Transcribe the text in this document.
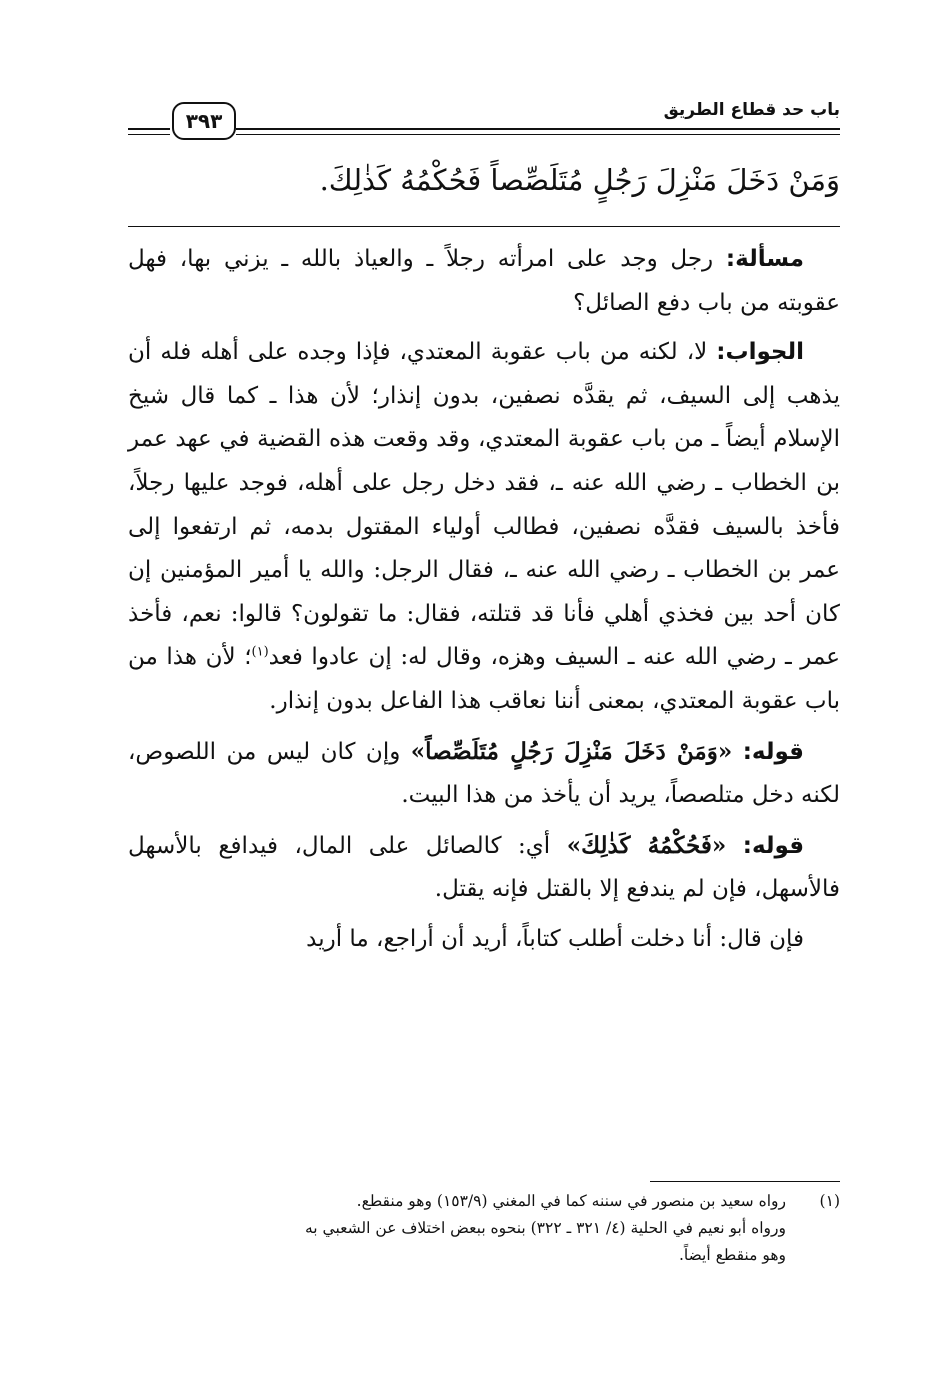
باب حد قطاع الطريق
٣٩٣
وَمَنْ دَخَلَ مَنْزِلَ رَجُلٍ مُتَلَصِّصاً فَحُكْمُهُ كَذٰلِكَ.

مسألة: رجل وجد على امرأته رجلاً ـ والعياذ بالله ـ يزني بها، فهل عقوبته من باب دفع الصائل؟

الجواب: لا، لكنه من باب عقوبة المعتدي، فإذا وجده على أهله فله أن يذهب إلى السيف، ثم يقدَّه نصفين، بدون إنذار؛ لأن هذا ـ كما قال شيخ الإسلام أيضاً ـ من باب عقوبة المعتدي، وقد وقعت هذه القضية في عهد عمر بن الخطاب ـ رضي الله عنه ـ، فقد دخل رجل على أهله، فوجد عليها رجلاً، فأخذ بالسيف فقدَّه نصفين، فطالب أولياء المقتول بدمه، ثم ارتفعوا إلى عمر بن الخطاب ـ رضي الله عنه ـ، فقال الرجل: والله يا أمير المؤمنين إن كان أحد بين فخذي أهلي فأنا قد قتلته، فقال: ما تقولون؟ قالوا: نعم، فأخذ عمر ـ رضي الله عنه ـ السيف وهزه، وقال له: إن عادوا فعد$^{(١)}$؛ لأن هذا من باب عقوبة المعتدي، بمعنى أننا نعاقب هذا الفاعل بدون إنذار.

قوله: «وَمَنْ دَخَلَ مَنْزِلَ رَجُلٍ مُتَلَصِّصاً» وإن كان ليس من اللصوص، لكنه دخل متلصصاً، يريد أن يأخذ من هذا البيت.

قوله: «فَحُكْمُهُ كَذٰلِكَ» أي: كالصائل على المال، فيدافع بالأسهل فالأسهل، فإن لم يندفع إلا بالقتل فإنه يقتل.

فإن قال: أنا دخلت أطلب كتاباً، أريد أن أراجع، ما أريد

(١)رواه سعيد بن منصور في سننه كما في المغني (١٥٣/٩) وهو منقطع.
ورواه أبو نعيم في الحلية (٤/ ٣٢١ ـ ٣٢٢) بنحوه ببعض اختلاف عن الشعبي به
وهو منقطع أيضاً.
